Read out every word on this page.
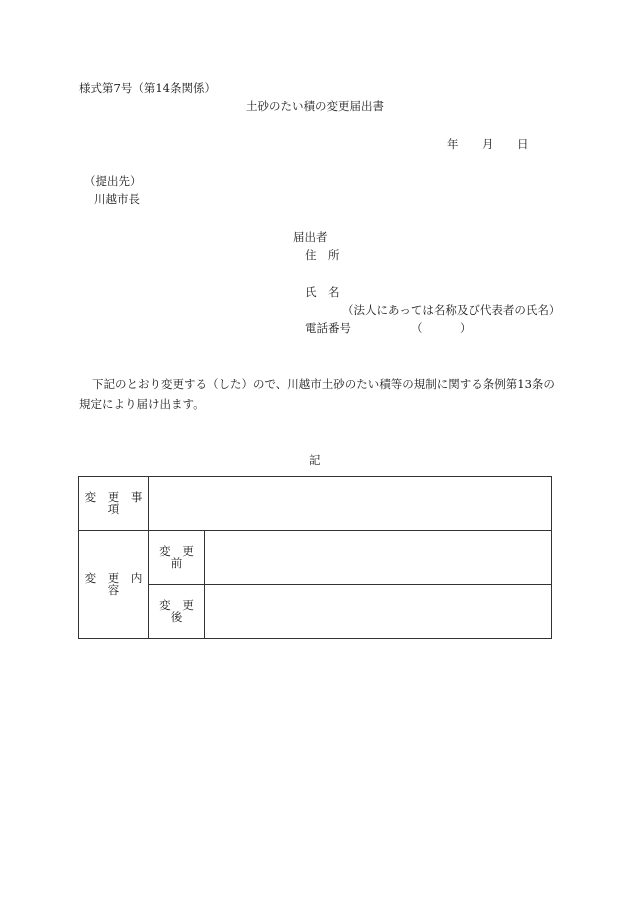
様式第7号（第14条関係）
土砂のたい積の変更届出書
年 月 日
（提出先）
川越市長
届出者
住　所
氏　名
（法人にあっては名称及び代表者の氏名）
電話番号	（	）
下記のとおり変更する（した）ので、川越市土砂のたい積等の規制に関する条例第13条の
規定により届け出ます。
記
変 更 事 項		
変 更 内 容	変 更 前	
	変 更 後	
